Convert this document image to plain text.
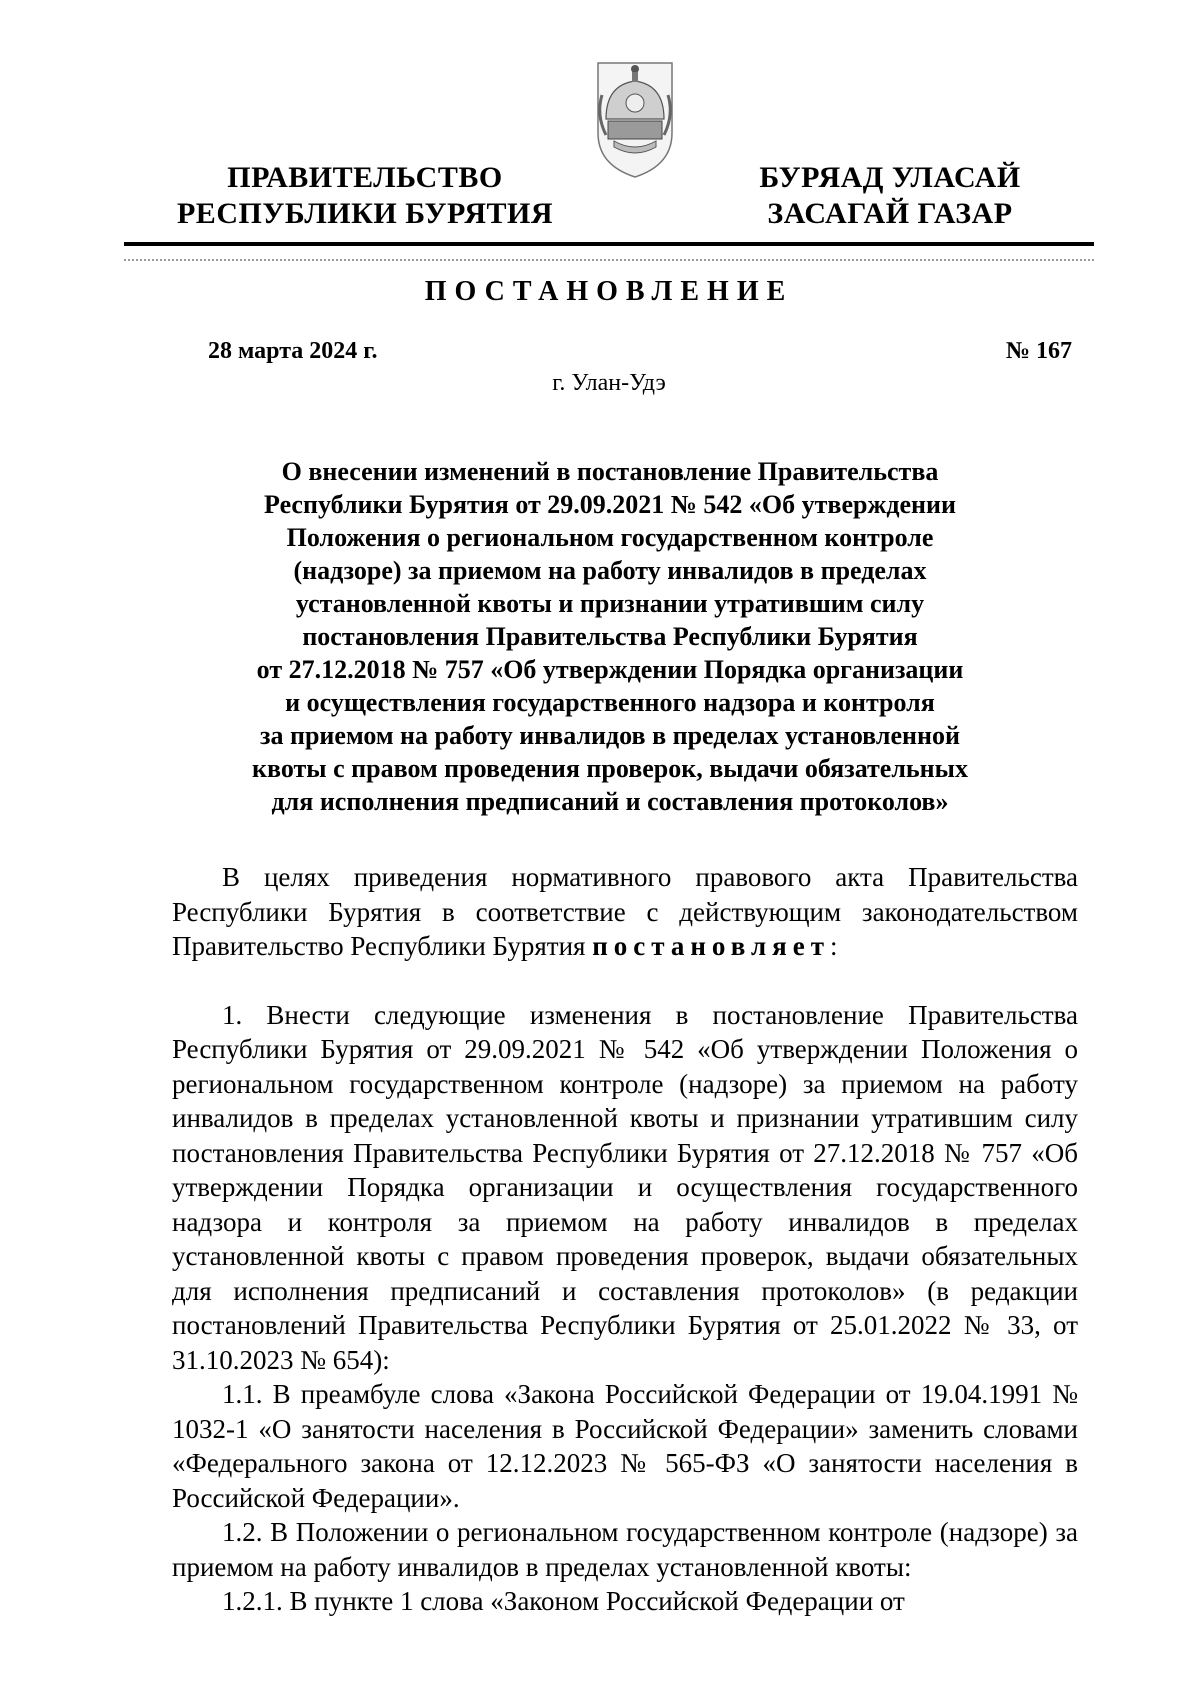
ПРАВИТЕЛЬСТВО
РЕСПУБЛИКИ БУРЯТИЯ
БУРЯАД УЛАСАЙ
ЗАСАГАЙ ГАЗАР
ПОСТАНОВЛЕНИЕ
28 марта 2024 г.	№ 167
г. Улан-Удэ
О внесении изменений в постановление Правительства
Республики Бурятия от 29.09.2021 № 542 «Об утверждении
Положения о региональном государственном контроле
(надзоре) за приемом на работу инвалидов в пределах
установленной квоты и признании утратившим силу
постановления Правительства Республики Бурятия
от 27.12.2018 № 757 «Об утверждении Порядка организации
и осуществления государственного надзора и контроля
за приемом на работу инвалидов в пределах установленной
квоты с правом проведения проверок, выдачи обязательных
для исполнения предписаний и составления протоколов»

В целях приведения нормативного правового акта Правительства Республики Бурятия в соответствие с действующим законодательством Правительство Республики Бурятия постановляет:

1. Внести следующие изменения в постановление Правительства Республики Бурятия от 29.09.2021 № 542 «Об утверждении Положения о региональном государственном контроле (надзоре) за приемом на работу инвалидов в пределах установленной квоты и признании утратившим силу постановления Правительства Республики Бурятия от 27.12.2018 № 757 «Об утверждении Порядка организации и осуществления государственного надзора и контроля за приемом на работу инвалидов в пределах установленной квоты с правом проведения проверок, выдачи обязательных для исполнения предписаний и составления протоколов» (в редакции постановлений Правительства Республики Бурятия от 25.01.2022 № 33, от 31.10.2023 № 654):

1.1. В преамбуле слова «Закона Российской Федерации от 19.04.1991 № 1032-1 «О занятости населения в Российской Федерации» заменить словами «Федерального закона от 12.12.2023 № 565-ФЗ «О занятости населения в Российской Федерации».

1.2. В Положении о региональном государственном контроле (надзоре) за приемом на работу инвалидов в пределах установленной квоты:

1.2.1. В пункте 1 слова «Законом Российской Федерации от
